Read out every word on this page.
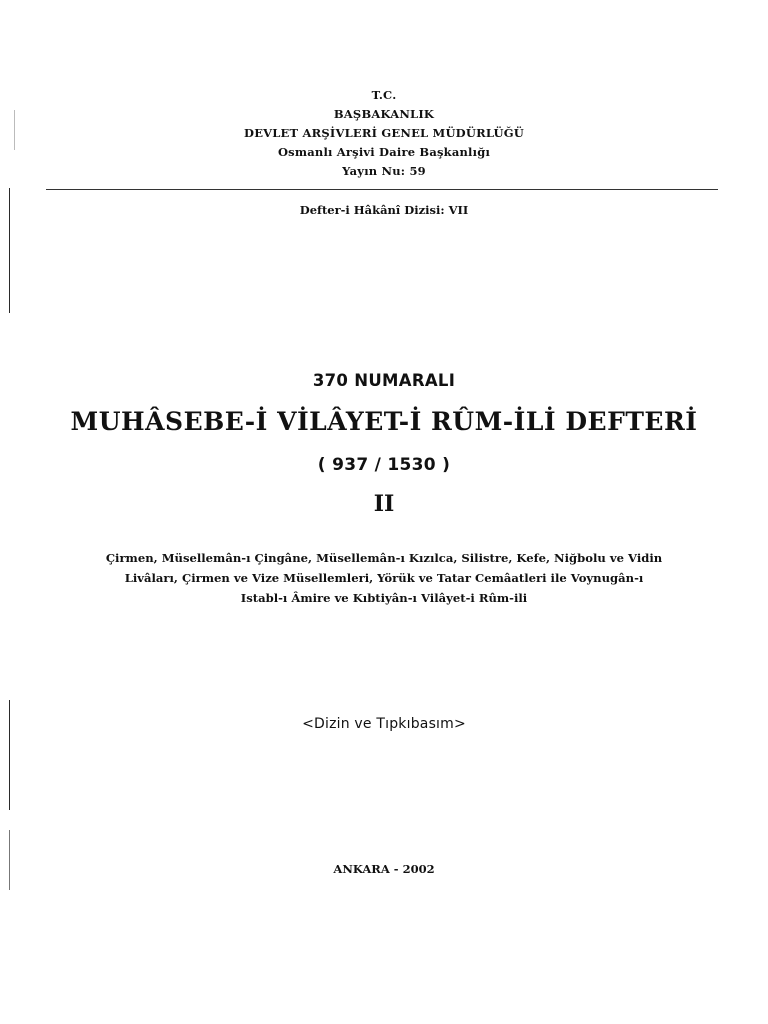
T.C.
BAŞBAKANLIK
DEVLET ARŞİVLERİ GENEL MÜDÜRLÜĞÜ
Osmanlı Arşivi Daire Başkanlığı
Yayın Nu: 59
Defter-i Hâkânî Dizisi: VII
370 NUMARALI
MUHÂSEBE-İ VİLÂYET-İ RÛM-İLİ DEFTERİ
( 937 / 1530 )
II
Çirmen, Müsellemân-ı Çingâne, Müsellemân-ı Kızılca, Silistre, Kefe, Niğbolu ve Vidin
Livâları, Çirmen ve Vize Müsellemleri, Yörük ve Tatar Cemâatleri ile Voynugân-ı
Istabl-ı Âmire ve Kıbtiyân-ı Vilâyet-i Rûm-ili
<Dizin ve Tıpkıbasım>
ANKARA - 2002
